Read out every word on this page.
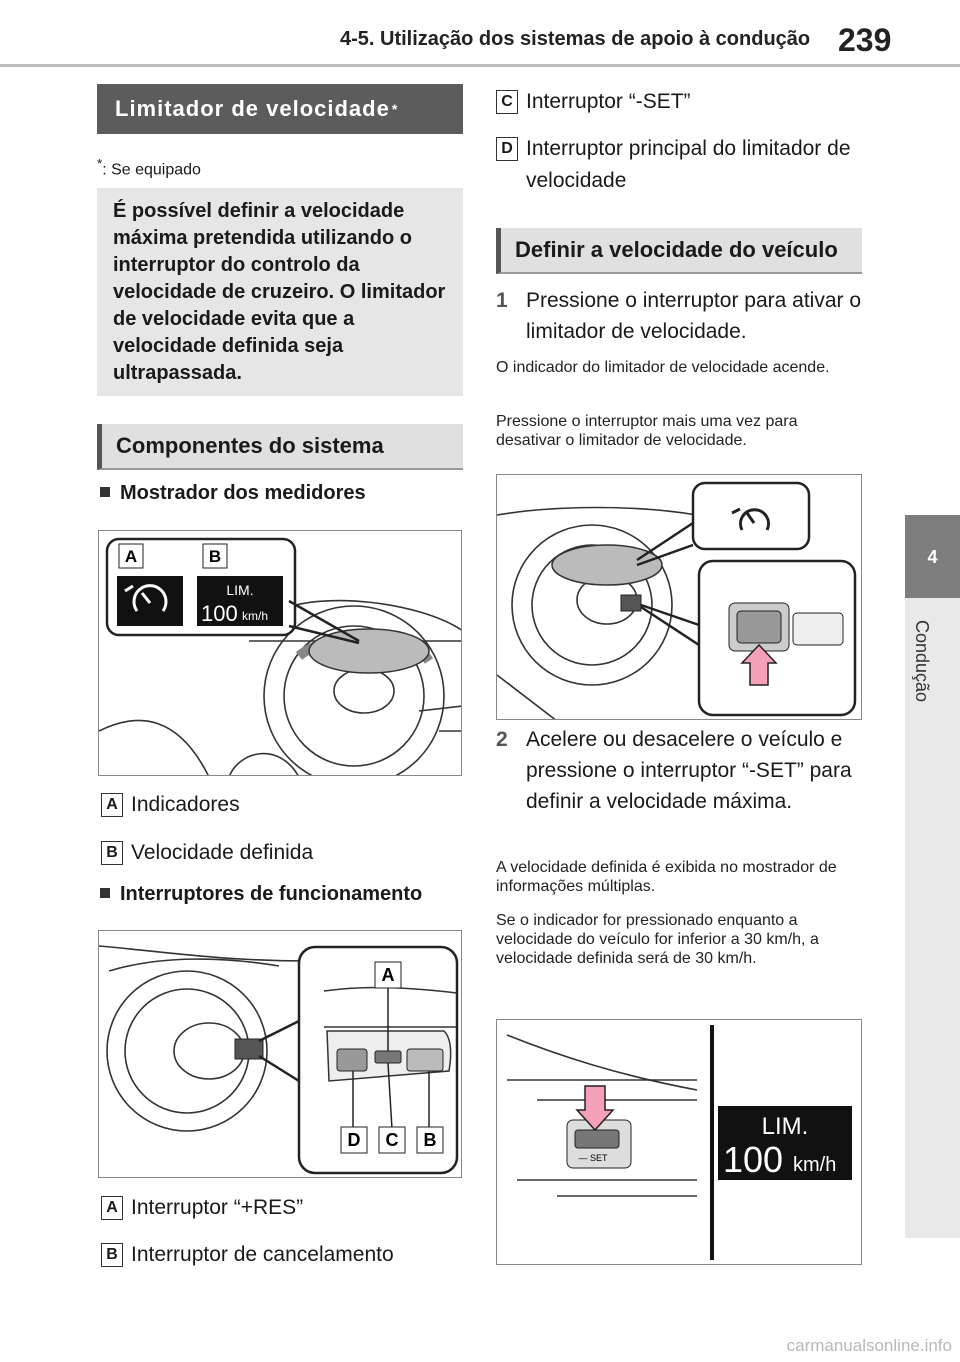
4-5. Utilização dos sistemas de apoio à condução 239
4
Condução
Limitador de velocidade *
*: Se equipado
É possível definir a velocidade máxima pretendida utilizando o interruptor do controlo da velocidade de cruzeiro. O limitador de velocidade evita que a velocidade definida seja ultrapassada.
Componentes do sistema
Mostrador dos medidores
A	B
LIM.
100 km/h
A Indicadores
B Velocidade definida
Interruptores de funcionamento
A
D C B
A Interruptor “+RES”
B Interruptor de cancelamento
C Interruptor “-SET”
D Interruptor principal do limitador de velocidade
Definir a velocidade do veículo
1 Pressione o interruptor para ativar o limitador de velocidade.
O indicador do limitador de velocidade acende.
Pressione o interruptor mais uma vez para desativar o limitador de velocidade.
2 Acelere ou desacelere o veículo e pressione o interruptor “-SET” para definir a velocidade máxima.
A velocidade definida é exibida no mostrador de informações múltiplas.
Se o indicador for pressionado enquanto a velocidade do veículo for inferior a 30 km/h, a velocidade definida será de 30 km/h.
— SET
LIM.
100 km/h
carmanualsonline.info
